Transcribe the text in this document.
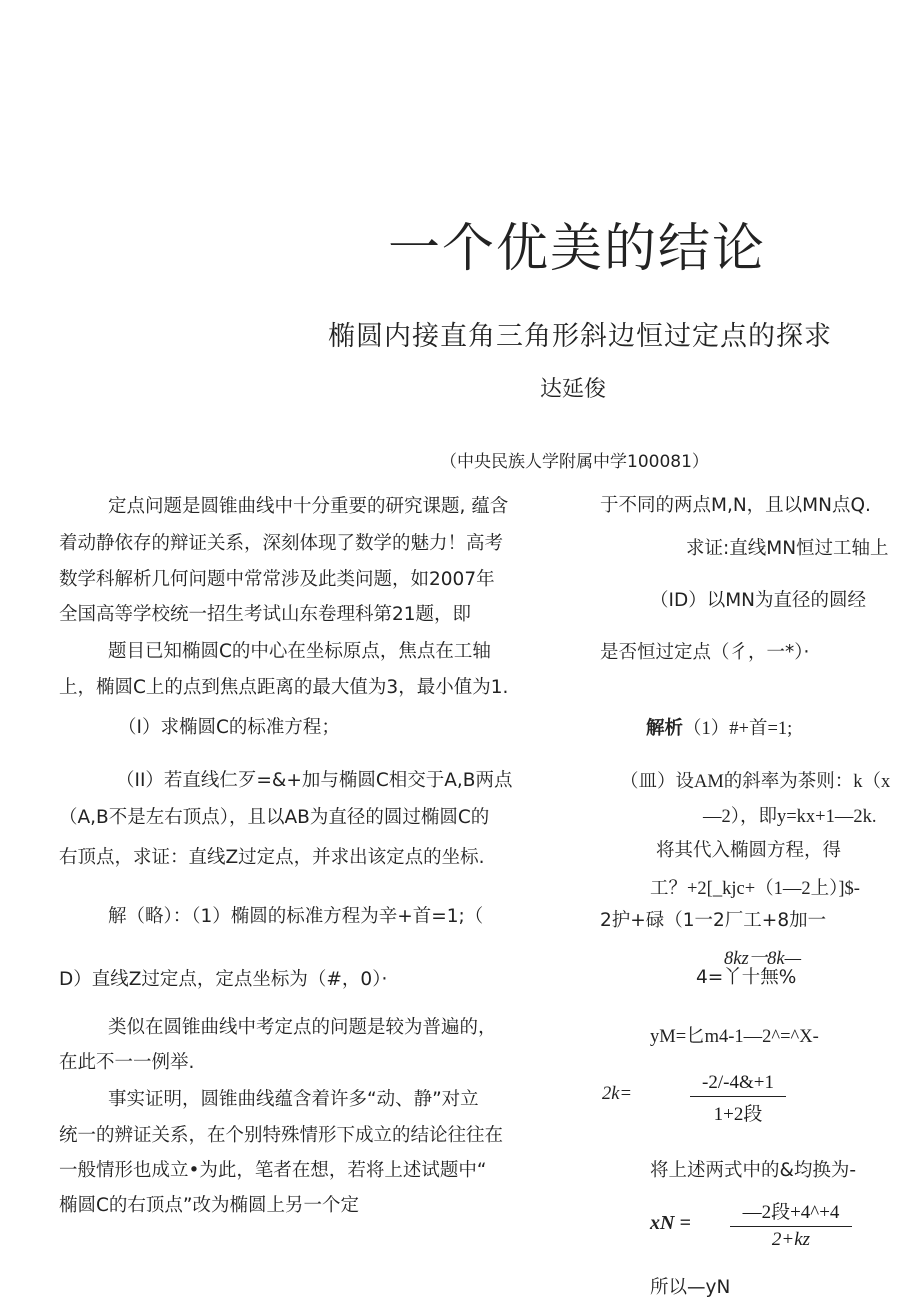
一个优美的结论
椭圆内接直角三角形斜边恒过定点的探求
达延俊
（中央民族人学附属中学100081）
定点问题是圆锥曲线中十分重要的研究课题, 蕴含
着动静依存的辩证关系，深刻体现了数学的魅力！高考
数学科解析几何问题中常常涉及此类问题，如2007年
全国高等学校统一招生考试山东卷理科第21题，即
题目已知椭圆C的中心在坐标原点，焦点在工轴
上，椭圆C上的点到焦点距离的最大值为3，最小值为1.
（I）求椭圆C的标准方程；
（II）若直线仁歹=&+加与椭圆C相交于A,B两点
（A,B不是左右顶点），且以AB为直径的圆过椭圆C的
右顶点，求证：直线Z过定点，并求出该定点的坐标.
解（略）：（1）椭圆的标准方程为辛+首=1;（
D）直线Z过定点，定点坐标为（#，0）·
类似在圆锥曲线中考定点的问题是较为普遍的，
在此不一一例举.
事实证明，圆锥曲线蕴含着许多“动、静”对立
统一的辨证关系，在个别特殊情形下成立的结论往往在
一般情形也成立•为此，笔者在想，若将上述试题中“
椭圆C的右顶点”改为椭圆上另一个定
于不同的两点M,N，且以MN点Q.
求证:直线MN恒过工轴上
（ID）以MN为直径的圆经
是否恒过定点（彳，一*）·
解析（1）#+首=1;
（皿）设AM的斜率为茶则：k（x
—2），即y=kx+1—2k.
将其代入椭圆方程，得
工？+2[_kjc+（1—2上）]$-
2护+碌（1一2厂工+8加一
8kz一8k—
4=丫十無%
yM=匕m4-1—2^=^X-
2k=
-2/-4&+1
1+2段
将上述两式中的&均换为-
xN =	—2段+4^+4
2+kz
所以—yN
